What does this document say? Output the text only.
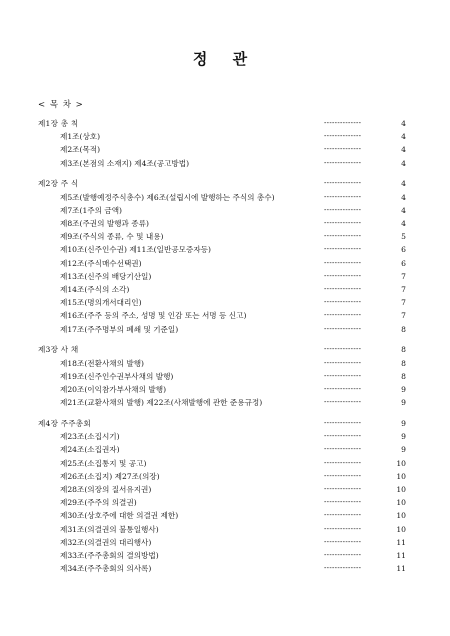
정 관
< 목 차 >
제1장 총 칙	--------------	4
제1조(상호)	--------------	4
제2조(목적)	--------------	4
제3조(본점의 소재지) 제4조(공고방법)	--------------	4
제2장 주 식	--------------	4
제5조(발행예정주식총수) 제6조(설립시에 발행하는 주식의 총수)	--------------	4
제7조(1주의 금액)	--------------	4
제8조(주권의 발행과 종류)	--------------	4
제9조(주식의 종류, 수 및 내용)	--------------	5
제10조(신주인수권) 제11조(일반공모증자등)	--------------	6
제12조(주식매수선택권)	--------------	6
제13조(신주의 배당기산일)	--------------	7
제14조(주식의 소각)	--------------	7
제15조(명의개서대리인)	--------------	7
제16조(주주 등의 주소, 성명 및 인감 또는 서명 등 신고)	--------------	7
제17조(주주명부의 폐쇄 및 기준일)	--------------	8
제3장 사 채	--------------	8
제18조(전환사채의 발행)	--------------	8
제19조(신주인수권부사채의 발행)	--------------	8
제20조(이익참가부사채의 발행)	--------------	9
제21조(교환사채의 발행) 제22조(사채발행에 관한 준용규정)	--------------	9
제4장 주주총회	--------------	9
제23조(소집시기)	--------------	9
제24조(소집권자)	--------------	9
제25조(소집통지 및 공고)	--------------	10
제26조(소집지) 제27조(의장)	--------------	10
제28조(의장의 질서유지권)	--------------	10
제29조(주주의 의결권)	--------------	10
제30조(상호주에 대한 의결권 제한)	--------------	10
제31조(의결권의 불통일행사)	--------------	10
제32조(의결권의 대리행사)	--------------	11
제33조(주주총회의 결의방법)	--------------	11
제34조(주주총회의 의사록)	--------------	11
